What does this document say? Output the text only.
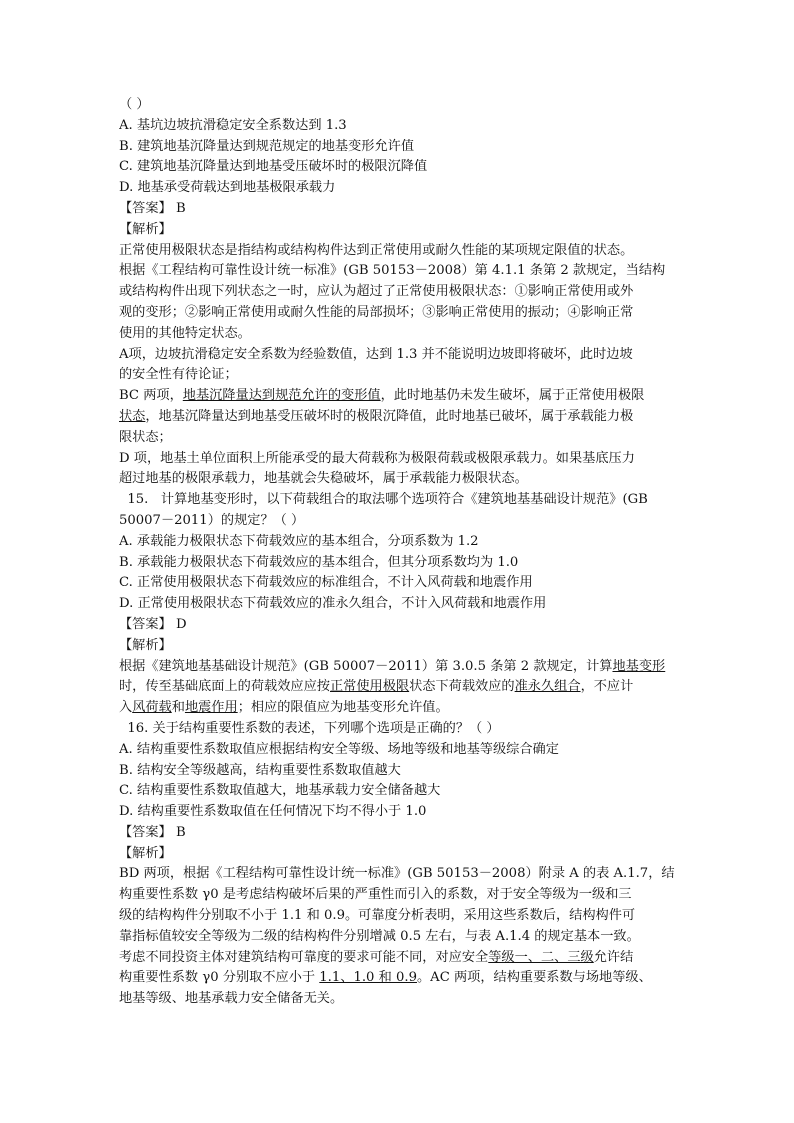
（ ）
A. 基坑边坡抗滑稳定安全系数达到 1.3
B. 建筑地基沉降量达到规范规定的地基变形允许值
C. 建筑地基沉降量达到地基受压破坏时的极限沉降值
D. 地基承受荷载达到地基极限承载力
【答案】 B
【解析】
正常使用极限状态是指结构或结构构件达到正常使用或耐久性能的某项规定限值的状态。
根据《工程结构可靠性设计统一标准》(GB 50153－2008）第 4.1.1 条第 2 款规定，当结构
或结构构件出现下列状态之一时，应认为超过了正常使用极限状态：①影响正常使用或外
观的变形；②影响正常使用或耐久性能的局部损坏；③影响正常使用的振动；④影响正常
使用的其他特定状态。
A项，边坡抗滑稳定安全系数为经验数值，达到 1.3 并不能说明边坡即将破坏，此时边坡
的安全性有待论证；
BC 两项，地基沉降量达到规范允许的变形值，此时地基仍未发生破坏，属于正常使用极限
状态，地基沉降量达到地基受压破坏时的极限沉降值，此时地基已破坏，属于承载能力极
限状态；
D 项，地基土单位面积上所能承受的最大荷载称为极限荷载或极限承载力。如果基底压力
超过地基的极限承载力，地基就会失稳破坏，属于承载能力极限状态。
15.   计算地基变形时，以下荷载组合的取法哪个选项符合《建筑地基基础设计规范》(GB
50007－2011）的规定？（ ）
A. 承载能力极限状态下荷载效应的基本组合，分项系数为 1.2
B. 承载能力极限状态下荷载效应的基本组合，但其分项系数均为 1.0
C. 正常使用极限状态下荷载效应的标准组合，不计入风荷载和地震作用
D. 正常使用极限状态下荷载效应的准永久组合，不计入风荷载和地震作用
【答案】 D
【解析】
根据《建筑地基基础设计规范》(GB 50007－2011）第 3.0.5 条第 2 款规定，计算地基变形
时，传至基础底面上的荷载效应应按正常使用极限状态下荷载效应的准永久组合，不应计
入风荷载和地震作用；相应的限值应为地基变形允许值。
16. 关于结构重要性系数的表述，下列哪个选项是正确的？（ ）
A. 结构重要性系数取值应根据结构安全等级、场地等级和地基等级综合确定
B. 结构安全等级越高，结构重要性系数取值越大
C. 结构重要性系数取值越大，地基承载力安全储备越大
D. 结构重要性系数取值在任何情况下均不得小于 1.0
【答案】 B
【解析】
BD 两项，根据《工程结构可靠性设计统一标准》(GB 50153－2008）附录 A 的表 A.1.7，结
构重要性系数 γ0 是考虑结构破坏后果的严重性而引入的系数，对于安全等级为一级和三
级的结构构件分别取不小于 1.1 和 0.9。可靠度分析表明，采用这些系数后，结构构件可
靠指标值较安全等级为二级的结构构件分别增减 0.5 左右，与表 A.1.4 的规定基本一致。
考虑不同投资主体对建筑结构可靠度的要求可能不同，对应安全等级一、二、三级允许结
构重要性系数 γ0 分别取不应小于 1.1、1.0 和 0.9。AC 两项，结构重要系数与场地等级、
地基等级、地基承载力安全储备无关。
